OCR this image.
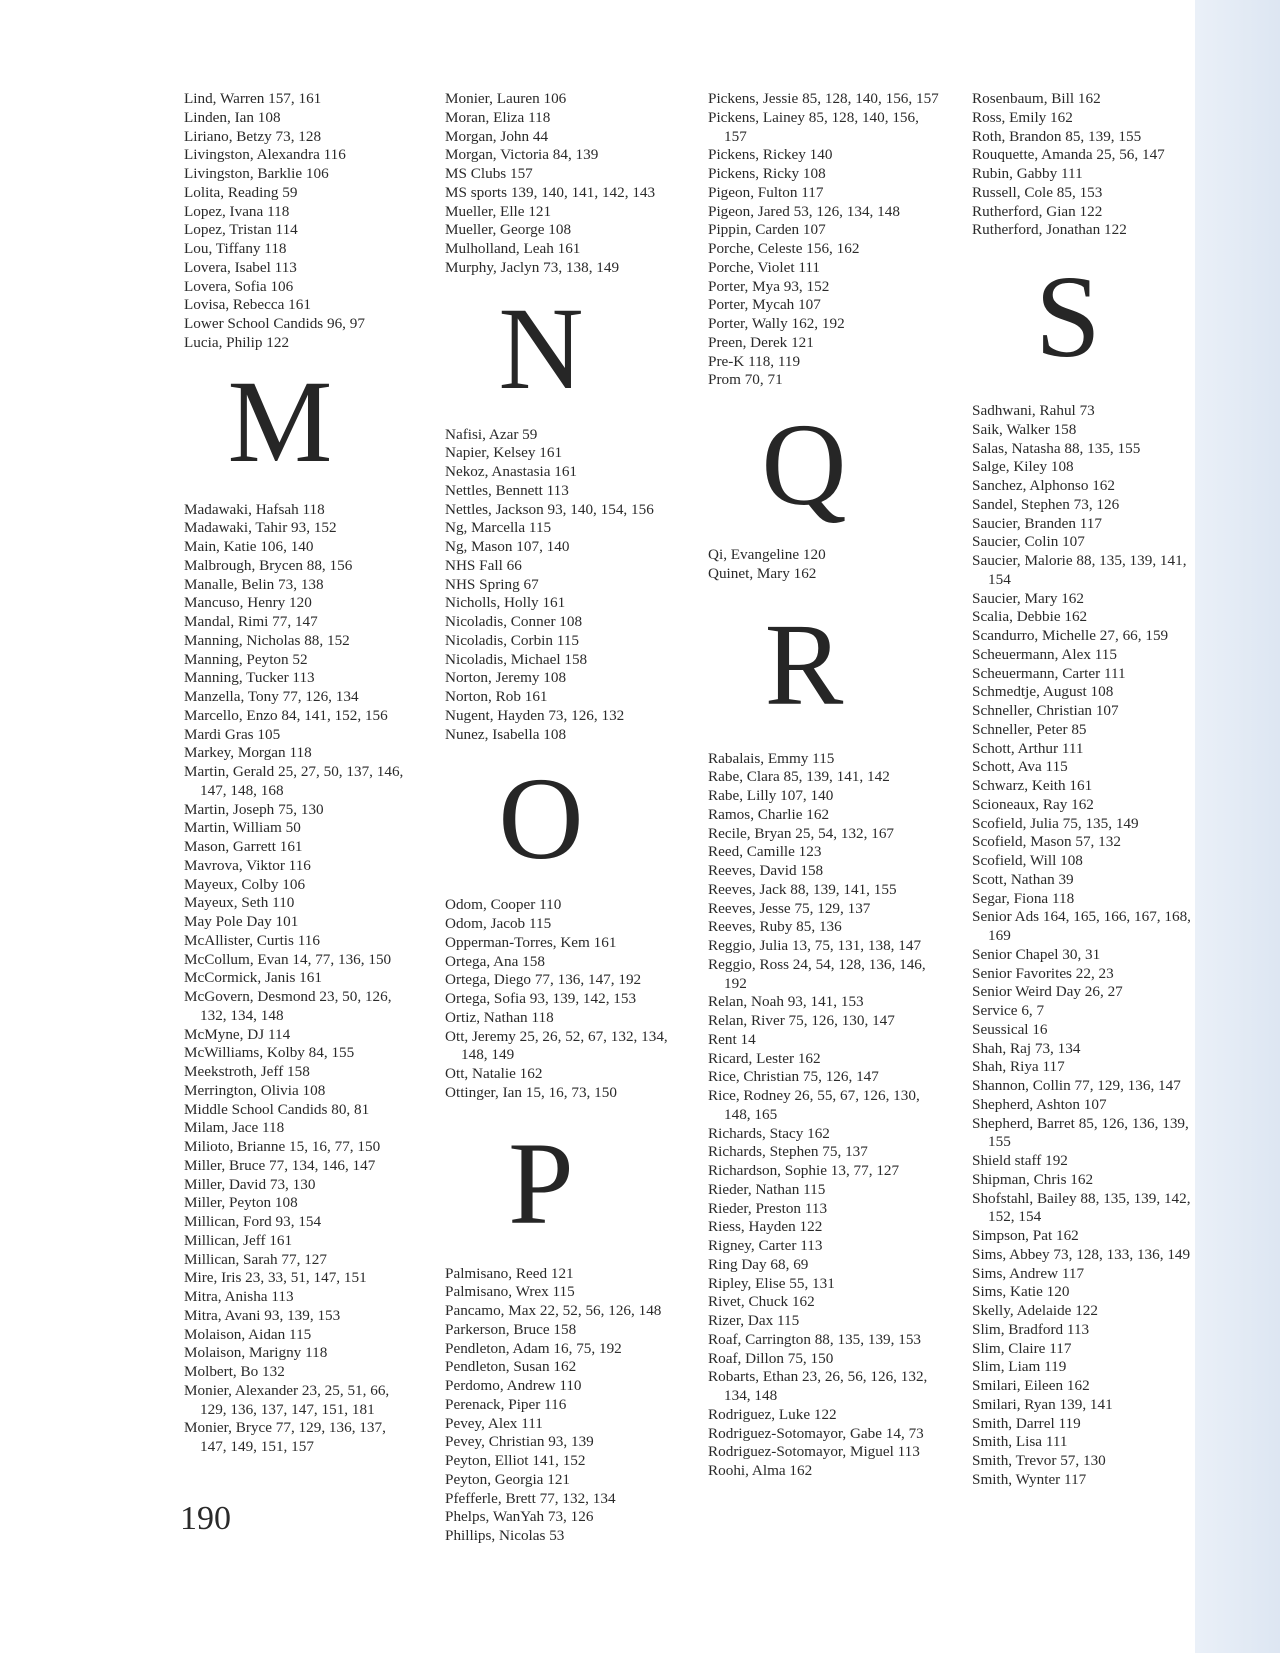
Lind, Warren 157, 161
Linden, Ian 108
Liriano, Betzy 73, 128
Livingston, Alexandra 116
Livingston, Barklie 106
Lolita, Reading 59
Lopez, Ivana 118
Lopez, Tristan 114
Lou, Tiffany 118
Lovera, Isabel 113
Lovera, Sofia 106
Lovisa, Rebecca 161
Lower School Candids 96, 97
Lucia, Philip 122
M
Madawaki, Hafsah 118
Madawaki, Tahir 93, 152
Main, Katie 106, 140
Malbrough, Brycen 88, 156
Manalle, Belin 73, 138
Mancuso, Henry 120
Mandal, Rimi 77, 147
Manning, Nicholas 88, 152
Manning, Peyton 52
Manning, Tucker 113
Manzella, Tony 77, 126, 134
Marcello, Enzo 84, 141, 152, 156
Mardi Gras 105
Markey, Morgan 118
Martin, Gerald 25, 27, 50, 137, 146, 147, 148, 168
Martin, Joseph 75, 130
Martin, William 50
Mason, Garrett 161
Mavrova, Viktor 116
Mayeux, Colby 106
Mayeux, Seth 110
May Pole Day 101
McAllister, Curtis 116
McCollum, Evan 14, 77, 136, 150
McCormick, Janis 161
McGovern, Desmond 23, 50, 126, 132, 134, 148
McMyne, DJ 114
McWilliams, Kolby 84, 155
Meekstroth, Jeff 158
Merrington, Olivia 108
Middle School Candids 80, 81
Milam, Jace 118
Milioto, Brianne 15, 16, 77, 150
Miller, Bruce 77, 134, 146, 147
Miller, David 73, 130
Miller, Peyton 108
Millican, Ford 93, 154
Millican, Jeff 161
Millican, Sarah 77, 127
Mire, Iris 23, 33, 51, 147, 151
Mitra, Anisha 113
Mitra, Avani 93, 139, 153
Molaison, Aidan 115
Molaison, Marigny 118
Molbert, Bo 132
Monier, Alexander 23, 25, 51, 66, 129, 136, 137, 147, 151, 181
Monier, Bryce 77, 129, 136, 137, 147, 149, 151, 157
Monier, Lauren 106
Moran, Eliza 118
Morgan, John 44
Morgan, Victoria 84, 139
MS Clubs 157
MS sports 139, 140, 141, 142, 143
Mueller, Elle 121
Mueller, George 108
Mulholland, Leah 161
Murphy, Jaclyn 73, 138, 149
N
Nafisi, Azar 59
Napier, Kelsey 161
Nekoz, Anastasia 161
Nettles, Bennett 113
Nettles, Jackson 93, 140, 154, 156
Ng, Marcella 115
Ng, Mason 107, 140
NHS Fall 66
NHS Spring 67
Nicholls, Holly 161
Nicoladis, Conner 108
Nicoladis, Corbin 115
Nicoladis, Michael 158
Norton, Jeremy 108
Norton, Rob 161
Nugent, Hayden 73, 126, 132
Nunez, Isabella 108
O
Odom, Cooper 110
Odom, Jacob 115
Opperman-Torres, Kem 161
Ortega, Ana 158
Ortega, Diego 77, 136, 147, 192
Ortega, Sofia 93, 139, 142, 153
Ortiz, Nathan 118
Ott, Jeremy 25, 26, 52, 67, 132, 134, 148, 149
Ott, Natalie 162
Ottinger, Ian 15, 16, 73, 150
P
Palmisano, Reed 121
Palmisano, Wrex 115
Pancamo, Max 22, 52, 56, 126, 148
Parkerson, Bruce 158
Pendleton, Adam 16, 75, 192
Pendleton, Susan 162
Perdomo, Andrew 110
Perenack, Piper 116
Pevey, Alex 111
Pevey, Christian 93, 139
Peyton, Elliot 141, 152
Peyton, Georgia 121
Pfefferle, Brett 77, 132, 134
Phelps, WanYah 73, 126
Phillips, Nicolas 53
Pickens, Jessie 85, 128, 140, 156, 157
Pickens, Lainey 85, 128, 140, 156, 157
Pickens, Rickey 140
Pickens, Ricky 108
Pigeon, Fulton 117
Pigeon, Jared 53, 126, 134, 148
Pippin, Carden 107
Porche, Celeste 156, 162
Porche, Violet 111
Porter, Mya 93, 152
Porter, Mycah 107
Porter, Wally 162, 192
Preen, Derek 121
Pre-K 118, 119
Prom 70, 71
Q
Qi, Evangeline 120
Quinet, Mary 162
R
Rabalais, Emmy 115
Rabe, Clara 85, 139, 141, 142
Rabe, Lilly 107, 140
Ramos, Charlie 162
Recile, Bryan 25, 54, 132, 167
Reed, Camille 123
Reeves, David 158
Reeves, Jack 88, 139, 141, 155
Reeves, Jesse 75, 129, 137
Reeves, Ruby 85, 136
Reggio, Julia 13, 75, 131, 138, 147
Reggio, Ross 24, 54, 128, 136, 146, 192
Relan, Noah 93, 141, 153
Relan, River 75, 126, 130, 147
Rent 14
Ricard, Lester 162
Rice, Christian 75, 126, 147
Rice, Rodney 26, 55, 67, 126, 130, 148, 165
Richards, Stacy 162
Richards, Stephen 75, 137
Richardson, Sophie 13, 77, 127
Rieder, Nathan 115
Rieder, Preston 113
Riess, Hayden 122
Rigney, Carter 113
Ring Day 68, 69
Ripley, Elise 55, 131
Rivet, Chuck 162
Rizer, Dax 115
Roaf, Carrington 88, 135, 139, 153
Roaf, Dillon 75, 150
Robarts, Ethan 23, 26, 56, 126, 132, 134, 148
Rodriguez, Luke 122
Rodriguez-Sotomayor, Gabe 14, 73
Rodriguez-Sotomayor, Miguel 113
Roohi, Alma 162
Rosenbaum, Bill 162
Ross, Emily 162
Roth, Brandon 85, 139, 155
Rouquette, Amanda 25, 56, 147
Rubin, Gabby 111
Russell, Cole 85, 153
Rutherford, Gian 122
Rutherford, Jonathan 122
S
Sadhwani, Rahul 73
Saik, Walker 158
Salas, Natasha 88, 135, 155
Salge, Kiley 108
Sanchez, Alphonso 162
Sandel, Stephen 73, 126
Saucier, Branden 117
Saucier, Colin 107
Saucier, Malorie 88, 135, 139, 141, 154
Saucier, Mary 162
Scalia, Debbie 162
Scandurro, Michelle 27, 66, 159
Scheuermann, Alex 115
Scheuermann, Carter 111
Schmedtje, August 108
Schneller, Christian 107
Schneller, Peter 85
Schott, Arthur 111
Schott, Ava 115
Schwarz, Keith 161
Scioneaux, Ray 162
Scofield, Julia 75, 135, 149
Scofield, Mason 57, 132
Scofield, Will 108
Scott, Nathan 39
Segar, Fiona 118
Senior Ads 164, 165, 166, 167, 168, 169
Senior Chapel 30, 31
Senior Favorites 22, 23
Senior Weird Day 26, 27
Service 6, 7
Seussical 16
Shah, Raj 73, 134
Shah, Riya 117
Shannon, Collin 77, 129, 136, 147
Shepherd, Ashton 107
Shepherd, Barret 85, 126, 136, 139, 155
Shield staff 192
Shipman, Chris 162
Shofstahl, Bailey 88, 135, 139, 142, 152, 154
Simpson, Pat 162
Sims, Abbey 73, 128, 133, 136, 149
Sims, Andrew 117
Sims, Katie 120
Skelly, Adelaide 122
Slim, Bradford 113
Slim, Claire 117
Slim, Liam 119
Smilari, Eileen 162
Smilari, Ryan 139, 141
Smith, Darrel 119
Smith, Lisa 111
Smith, Trevor 57, 130
Smith, Wynter 117
190
